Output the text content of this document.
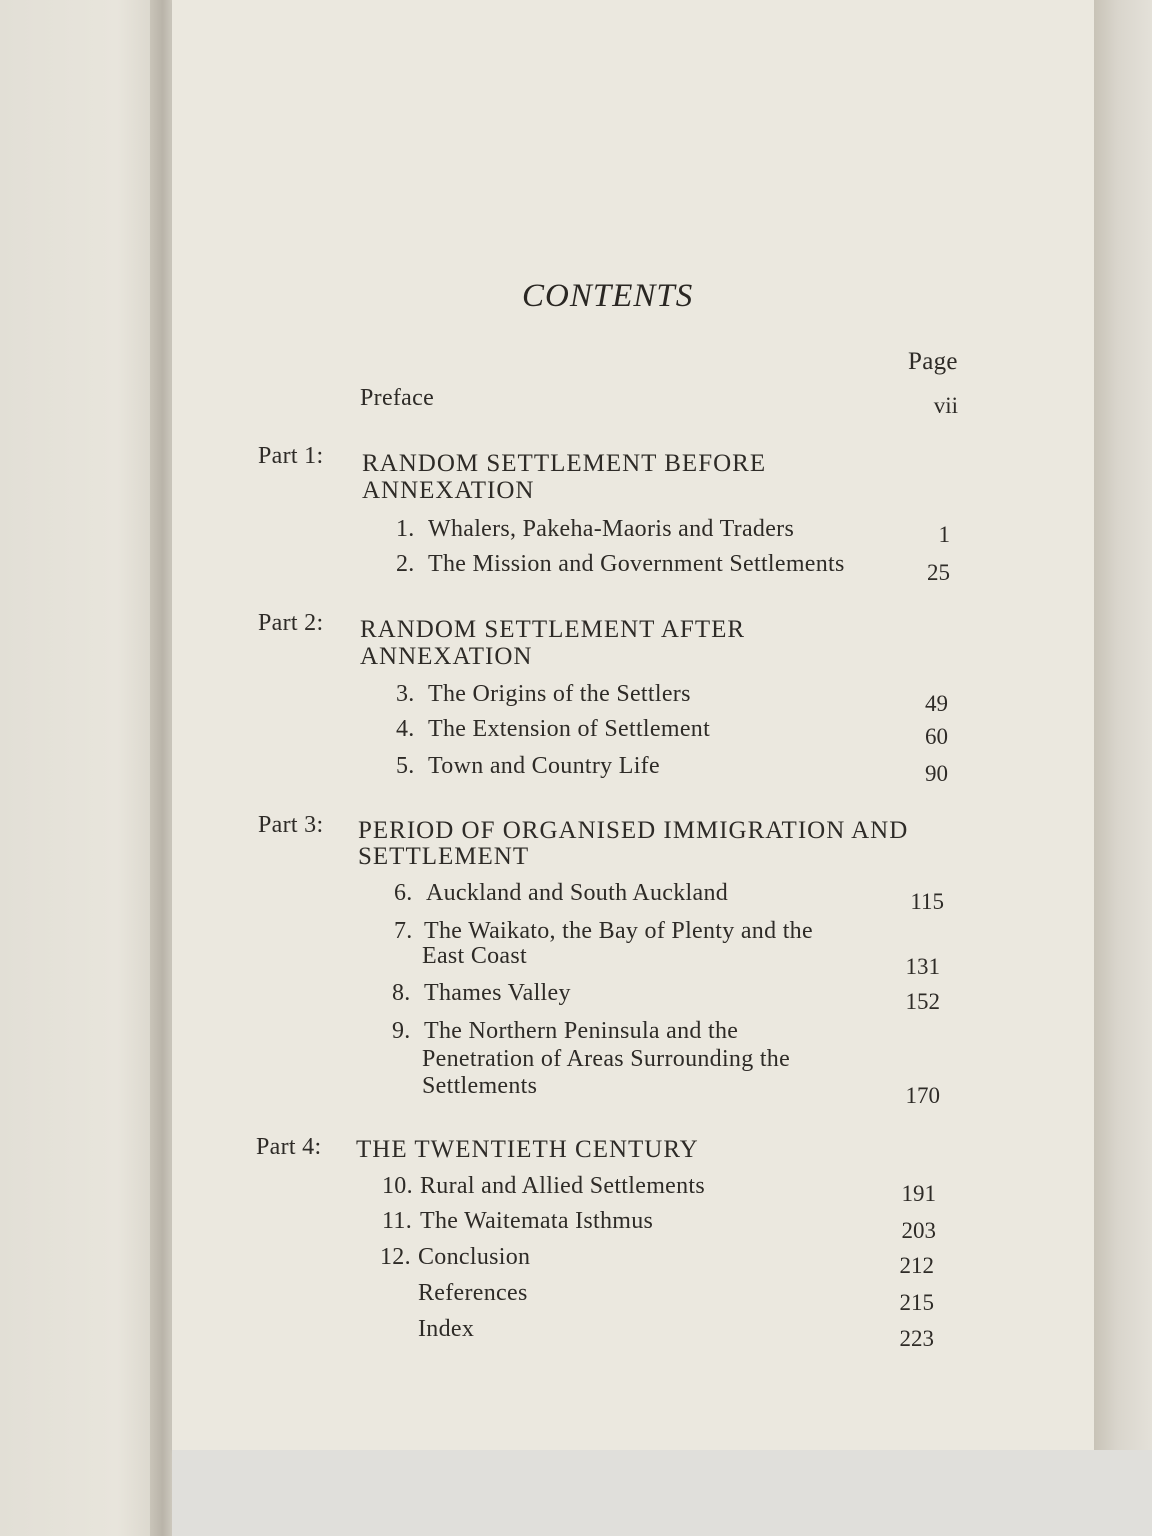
CONTENTS
Page
Preface	vii
Part 1: RANDOM SETTLEMENT BEFORE
ANNEXATION
1. Whalers, Pakeha-Maoris and Traders	1
2. The Mission and Government Settlements	25
Part 2: RANDOM SETTLEMENT AFTER
ANNEXATION
3. The Origins of the Settlers	49
4. The Extension of Settlement	60
5. Town and Country Life	90
Part 3: PERIOD OF ORGANISED IMMIGRATION AND
SETTLEMENT
6. Auckland and South Auckland	115
7. The Waikato, the Bay of Plenty and the
East Coast	131
8. Thames Valley	152
9. The Northern Peninsula and the
Penetration of Areas Surrounding the
Settlements	170
Part 4: THE TWENTIETH CENTURY
10. Rural and Allied Settlements	191
11. The Waitemata Isthmus	203
12. Conclusion	212
References	215
Index	223
